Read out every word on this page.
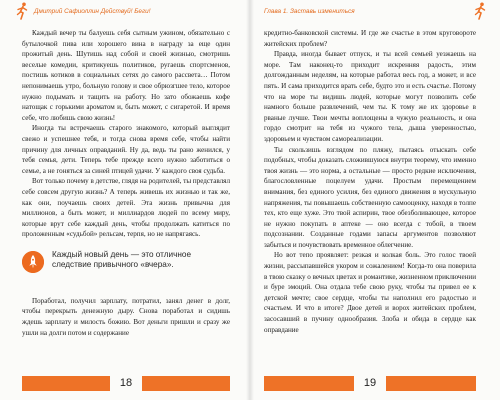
Дмитрий Сафиоллин Действуй! Беги!

Каждый вечер ты балуешь себя сытным ужином, обязательно с бутылочкой пива или хорошего вина в награду за еще один прожитый день. Шутишь над собой и своей жизнью, смотришь веселые комедии, критикуешь политиков, ругаешь спортсменов, постишь котиков в социальных сетях до самого рассвета… Потом непонимаешь утро, больную голову и свое обрюзгшее тело, которое нужно подымать и тащить на работу. Но зато обожаешь кофе натощак с горькими ароматом и, быть может, с сигаретой. И время себе, что любишь свою жизнь!

Иногда ты встречаешь старого знакомого, который выглядит свежо и успешнее тебя, и тогда снова время себе, чтобы найти причину для личных оправданий. Ну да, ведь ты рано женился, у тебя семья, дети. Теперь тебе прежде всего нужно заботиться о семье, а не гоняться за синей птицей удачи. У каждого своя судьба.

Вот только почему в детстве, глядя на родителей, ты представлял себе совсем другую жизнь? А теперь живешь их жизнью и так же, как они, поучаешь своих детей. Эта жизнь привычна для миллионов, а быть может, и миллиардов людей по всему миру, которые врут себе каждый день, чтобы продолжать катиться по проложенным «судьбой» рельсам, терпя, но не напрягаясь.

Каждый новый день — это отличное следствие привычного «вчера».

Поработал, получил зарплату, потратил, занял денег в долг, чтобы перекрыть денежную дыру. Снова поработал и сидишь ждешь зарплату и милость божию. Вот деньги пришли и сразу же ушли на долги потом и содержание

18
Глава 1. Заставь измениться

кредитно-банковской системы. И где же счастье в этом круговороте житейских проблем?

Правда, иногда бывает отпуск, и ты всей семьей уезжаешь на море. Там наконец-то приходит искренняя радость, этим долгожданным неделям, на которые работал весь год, а может, и все пять. И сама приходится врать себе, будто это и есть счастье. Потому что на море ты видишь людей, которые могут позволить себе намного больше развлечений, чем ты. К тому же их здоровье в рваные лучше. Твои мечты воплощены в чужую реальность, и она гордо смотрит на тебя из чужого тела, дыша уверенностью, здоровьем и чувством самореализации.

Ты скользишь взглядом по пляжу, пытаясь отыскать себе подобных, чтобы доказать сложившуюся внутри теорему, что именно твоя жизнь — это норма, а остальные — просто редкие исключения, благословленные поцелуем удачи. Простым перемещением внимания, без единого усилия, без единого движения в мускульную напряжения, ты повышаешь собственную самооценку, находя в толпе тех, кто еще хуже. Это твой аспирин, твое обезболивающее, которое не нужно покупать в аптеке — оно всегда с тобой, в твоем подсознании. Созданные годами запасы аргументов позволяют забыться и почувствовать временное облегчение.

Но вот тепо проявляет: резкая и колкая боль. Это голос твоей жизни, рассыпавшейся укором и сожалением! Когда-то она поверила в твою сказку о вечных цветах и романтике, жизненном приключении и буре эмоций. Она отдала тебе свою руку, чтобы ты привел ее к детской мечте; свое сердце, чтобы ты наполнил его радостью и счастьем. И что в итоге? Двое детей и ворох житейских проблем, засосавший в пучину однообразия. Злоба и обида в сердце как оправдание

19
